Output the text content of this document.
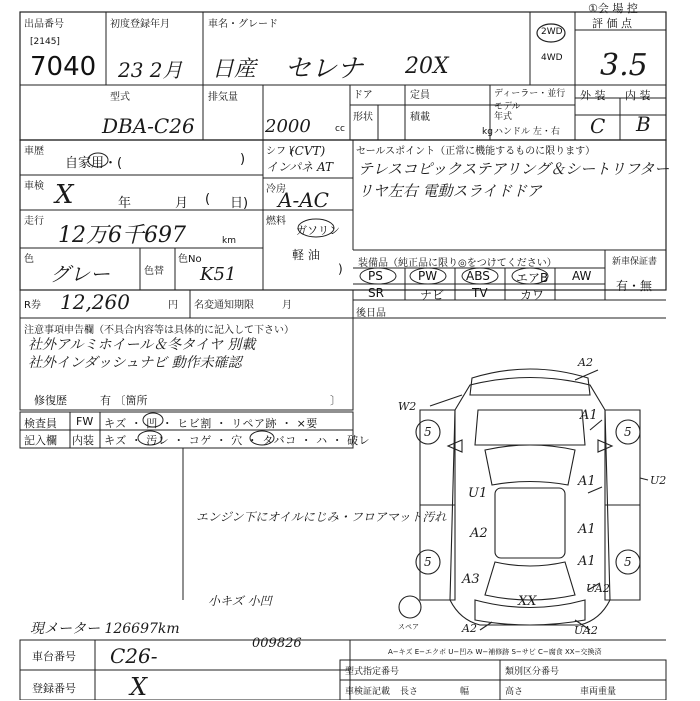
①会 場 控
出品番号
[2145]
7040
初度登録年月
23 2月
車名・グレード
日産 セレナ 20X
2WD
4WD
評 価 点
3.5
外 装 内 装
C B
型式
DBA-C26
排気量
2000	cc
ドア	定員	ディーラー・並行
モデル
年式
形状	積載
kg ハンドル 左・右
車歴
自家用・(	)
シフト
(CVT)
インパネ AT
セールスポイント（正常に機能するものに限ります）
テレスコピックステアリング＆シートリフター
リヤ左右 電動スライドドア
車検 X	年	月 ( 日)
冷房
A-AC
走行
12万6千697	km
燃料
ガソリン
軽 油
)
色
グレー	色替
色No
K51
装備品（純正品に限り◎をつけてください）
PS	PW ABS エアB AW
SR	ナビ TV	カワ
新車保証書
有・無
R券 12,260	円 名変通知期限	月
後日品
注意事項申告欄（不具合内容等は具体的に記入して下さい）
社外アルミホイール＆冬タイヤ 別載
社外インダッシュナビ 動作未確認
修復歴	有 〔箇所	〕
検査員
記入欄
FW
内装
キズ ・ 凹 ・ ヒビ割 ・ リペア跡 ・ ×要
キズ ・ 汚レ ・ コゲ ・ 穴 ・ タバコ ・ ハ ・ 破レ
エンジン下にオイルにじみ・フロアマット汚れ
小キズ 小凹
A2
A1
A1	U2
W2
U1
A1
A2
A3
A1
UA2
XX
A2	UA2
スペア
5	5
5	5
現メーター 126697km
A−キズ E−エクボ U−凹み W−補修跡 S−サビ C−腐食 XX−交換済
車台番号 C26-
009826
登録番号 X
型式指定番号	類別区分番号
車検証記載 長さ	幅	高さ	車両重量
